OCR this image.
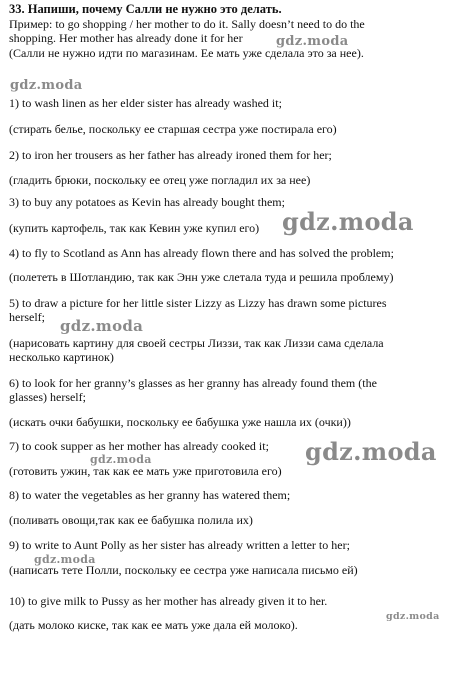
33. Напиши, почему Салли не нужно это делать.
Пример: to go shopping / her mother to do it. Sally doesn’t need to do the
shopping. Her mother has already done it for her
(Салли не нужно идти по магазинам. Ее мать уже сделала это за нее).
1) to wash linen as her elder sister has already washed it;
(стирать белье, поскольку ее старшая сестра уже постирала его)
2) to iron her trousers as her father has already ironed them for her;
(гладить брюки, поскольку ее отец уже погладил их за нее)
3) to buy any potatoes as Kevin has already bought them;
(купить картофель, так как Кевин уже купил его)
4) to fly to Scotland as Ann has already flown there and has solved the problem;
(полететь в Шотландию, так как Энн уже слетала туда и решила проблему)
5) to draw a picture for her little sister Lizzy as Lizzy has drawn some pictures
herself;
(нарисовать картину для своей сестры Лиззи, так как Лиззи сама сделала
несколько картинок)
6) to look for her granny’s glasses as her granny has already found them (the
glasses) herself;
(искать очки бабушки, поскольку ее бабушка уже нашла их (очки))
7) to cook supper as her mother has already cooked it;
(готовить ужин, так как ее мать уже приготовила его)
8) to water the vegetables as her granny has watered them;
(поливать овощи,так как ее бабушка полила их)
9) to write to Aunt Polly as her sister has already written a letter to her;
(написать тете Полли, поскольку ее сестра уже написала письмо ей)
10) to give milk to Pussy as her mother has already given it to her.
(дать молоко киске, так как ее мать уже дала ей молоко).
gdz.moda
gdz.moda
gdz.moda
gdz.moda
gdz.moda
gdz.moda
gdz.moda
gdz.moda
